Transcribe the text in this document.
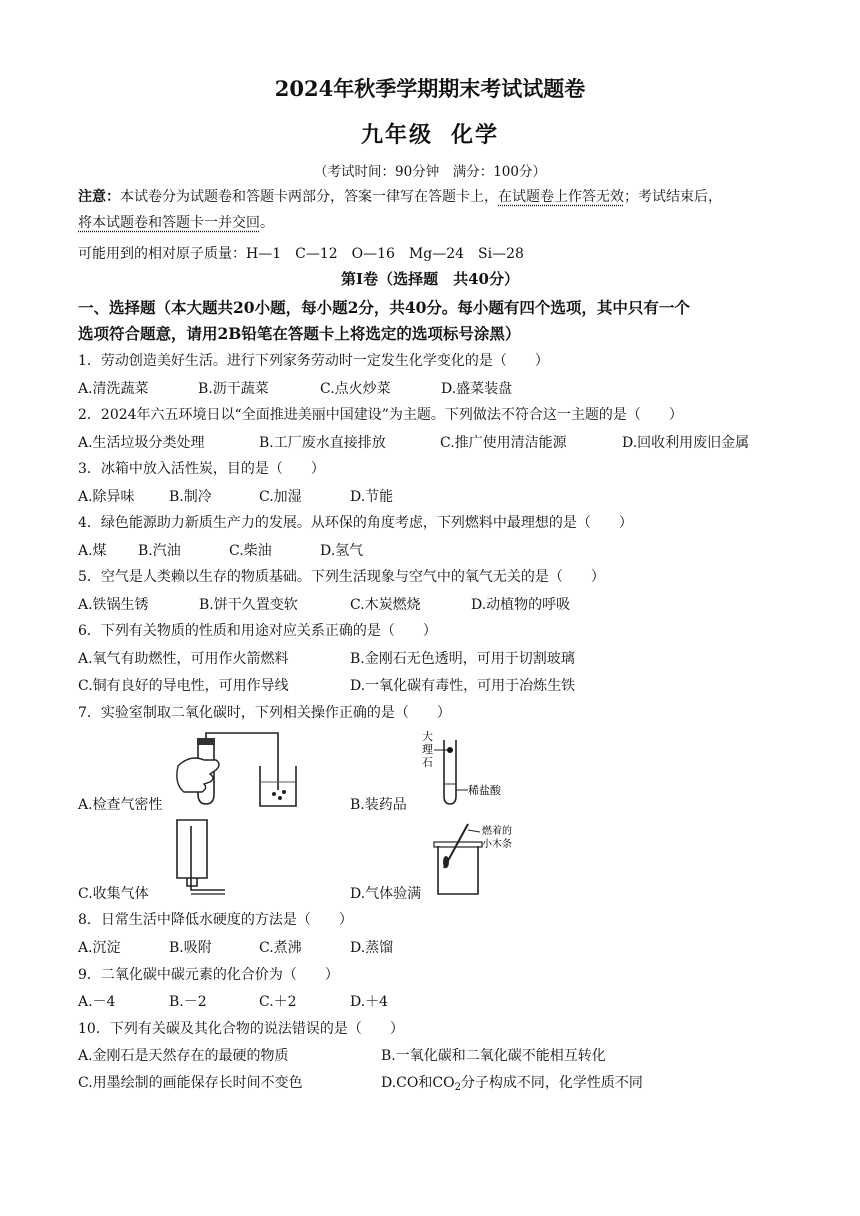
2024年秋季学期期末考试试题卷
九年级 化学
（考试时间：90分钟　满分：100分）
注意：本试卷分为试题卷和答题卡两部分，答案一律写在答题卡上，在试题卷上作答无效；考试结束后，
将本试题卷和答题卡一并交回。
可能用到的相对原子质量：H—1　C—12　O—16　Mg—24　Si—28
第Ⅰ卷（选择题　共40分）
一、选择题（本大题共20小题，每小题2分，共40分。每小题有四个选项，其中只有一个
选项符合题意，请用2B铅笔在答题卡上将选定的选项标号涂黑）
1．劳动创造美好生活。进行下列家务劳动时一定发生化学变化的是（　　）
A.清洗蔬菜	B.沥干蔬菜	C.点火炒菜	D.盛菜装盘
2．2024年六五环境日以“全面推进美丽中国建设”为主题。下列做法不符合这一主题的是（　　）
A.生活垃圾分类处理	B.工厂废水直接排放	C.推广使用清洁能源	D.回收利用废旧金属
3．冰箱中放入活性炭，目的是（　　）
A.除异味 B.制冷	C.加湿	D.节能
4．绿色能源助力新质生产力的发展。从环保的角度考虑，下列燃料中最理想的是（　　）
A.煤 B.汽油	C.柴油	D.氢气
5．空气是人类赖以生存的物质基础。下列生活现象与空气中的氧气无关的是（　　）
A.铁锅生锈	B.饼干久置变软	C.木炭燃烧	D.动植物的呼吸
6．下列有关物质的性质和用途对应关系正确的是（　　）
A.氧气有助燃性，可用作火箭燃料	B.金刚石无色透明，可用于切割玻璃
C.铜有良好的导电性，可用作导线	D.一氧化碳有毒性，可用于冶炼生铁
7．实验室制取二氧化碳时，下列相关操作正确的是（　　）
A.检查气密性	B.装药品
大
理
石
稀盐酸
燃着的
小木条
C.收集气体	D.气体验满
8．日常生活中降低水硬度的方法是（　　）
A.沉淀	B.吸附	C.煮沸	D.蒸馏
9．二氧化碳中碳元素的化合价为（　　）
A.－4	B.－2	C.＋2	D.＋4
10．下列有关碳及其化合物的说法错误的是（　　）
A.金刚石是天然存在的最硬的物质	B.一氧化碳和二氧化碳不能相互转化
C.用墨绘制的画能保存长时间不变色	D.CO和$CO_2$分子构成不同，化学性质不同
